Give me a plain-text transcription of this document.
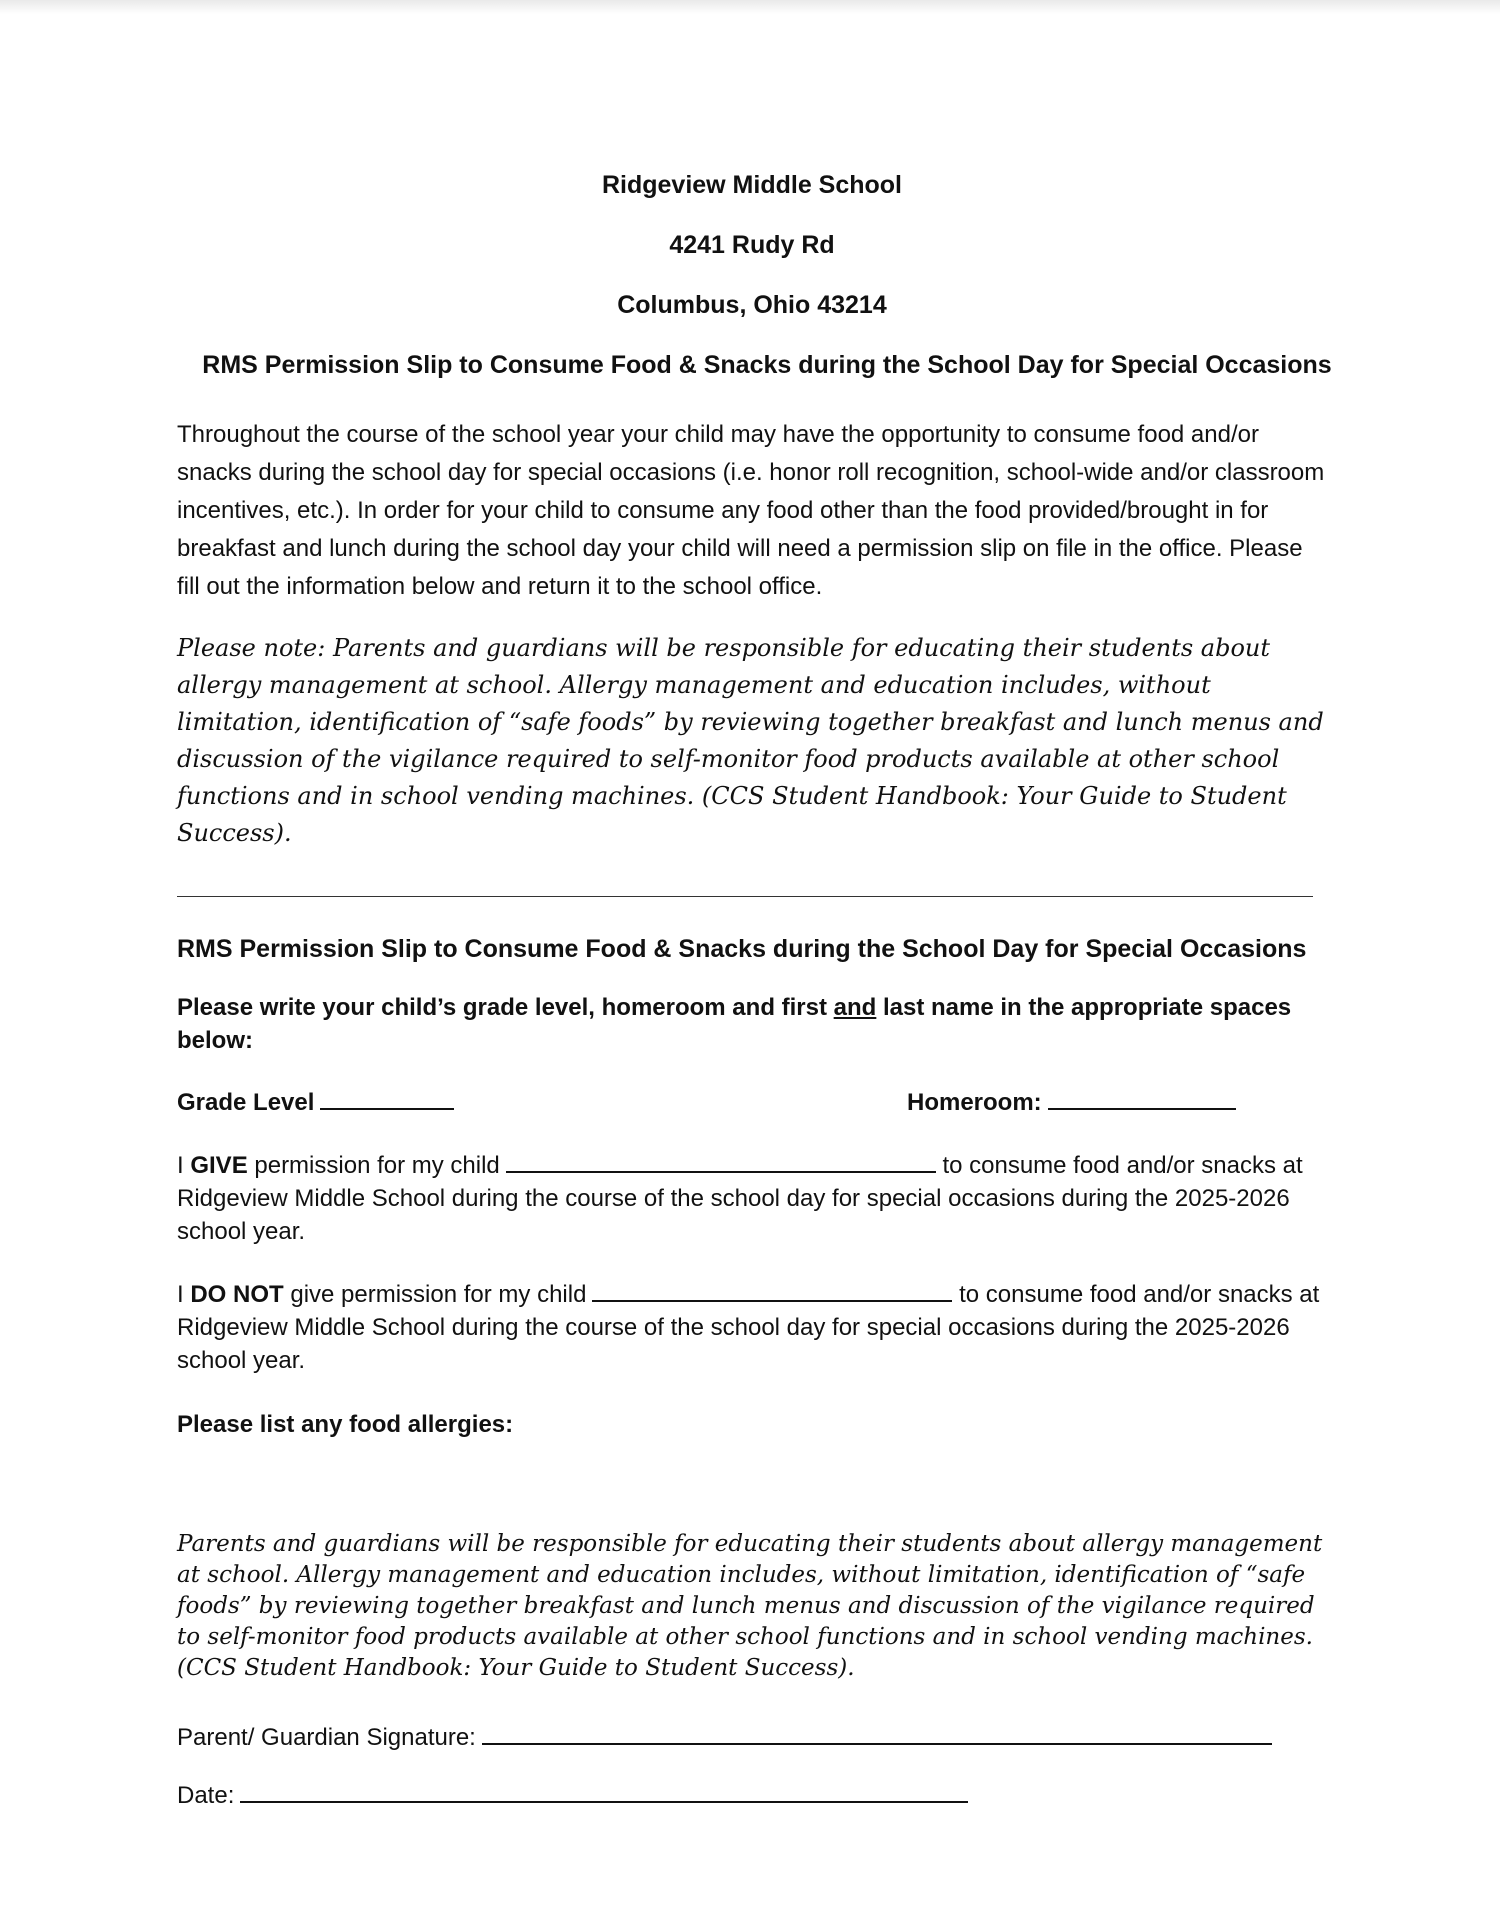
Ridgeview Middle School

4241 Rudy Rd

Columbus, Ohio 43214

RMS Permission Slip to Consume Food & Snacks during the School Day for Special Occasions

Throughout the course of the school year your child may have the opportunity to consume food and/or snacks during the school day for special occasions (i.e. honor roll recognition, school-wide and/or classroom incentives, etc.). In order for your child to consume any food other than the food provided/brought in for breakfast and lunch during the school day your child will need a permission slip on file in the office. Please fill out the information below and return it to the school office.

Please note: Parents and guardians will be responsible for educating their students about allergy management at school. Allergy management and education includes, without limitation, identification of “safe foods” by reviewing together breakfast and lunch menus and discussion of the vigilance required to self-monitor food products available at other school functions and in school vending machines. (CCS Student Handbook: Your Guide to Student Success).

RMS Permission Slip to Consume Food & Snacks during the School Day for Special Occasions

Please write your child’s grade level, homeroom and first and last name in the appropriate spaces below:

Grade Level	Homeroom:

I GIVE permission for my child	to consume food and/or snacks at Ridgeview Middle School during the course of the school day for special occasions during the 2025-2026 school year.

I DO NOT give permission for my child	to consume food and/or snacks at Ridgeview Middle School during the course of the school day for special occasions during the 2025-2026 school year.

Please list any food allergies:

Parents and guardians will be responsible for educating their students about allergy management at school. Allergy management and education includes, without limitation, identification of “safe foods” by reviewing together breakfast and lunch menus and discussion of the vigilance required to self-monitor food products available at other school functions and in school vending machines. (CCS Student Handbook: Your Guide to Student Success).

Parent/ Guardian Signature:

Date:
